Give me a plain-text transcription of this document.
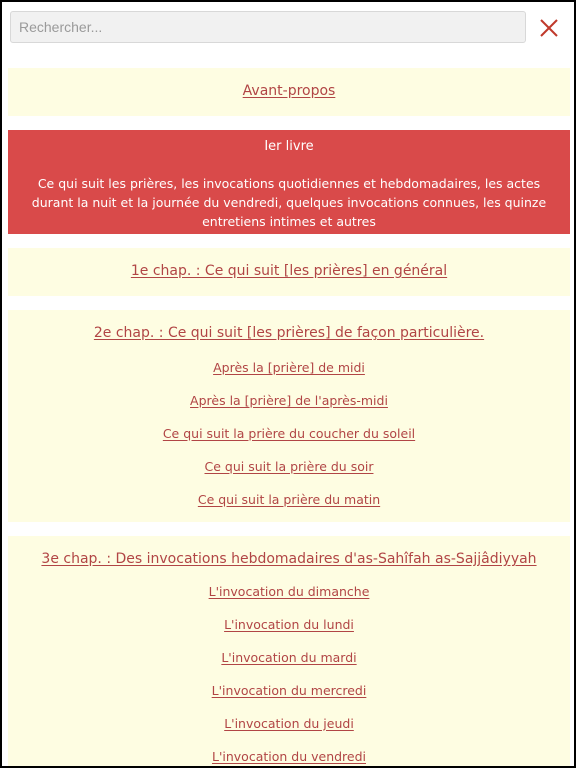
Rechercher...
Avant-propos
Ier livre
Ce qui suit les prières, les invocations quotidiennes et hebdomadaires, les actes durant la nuit et la journée du vendredi, quelques invocations connues, les quinze entretiens intimes et autres
1e chap. : Ce qui suit [les prières] en général
2e chap. : Ce qui suit [les prières] de façon particulière.
Après la [prière] de midi
Après la [prière] de l'après-midi
Ce qui suit la prière du coucher du soleil
Ce qui suit la prière du soir
Ce qui suit la prière du matin
3e chap. : Des invocations hebdomadaires d'as-Sahîfah as-Sajjâdiyyah
L'invocation du dimanche
L'invocation du lundi
L'invocation du mardi
L'invocation du mercredi
L'invocation du jeudi
L'invocation du vendredi
